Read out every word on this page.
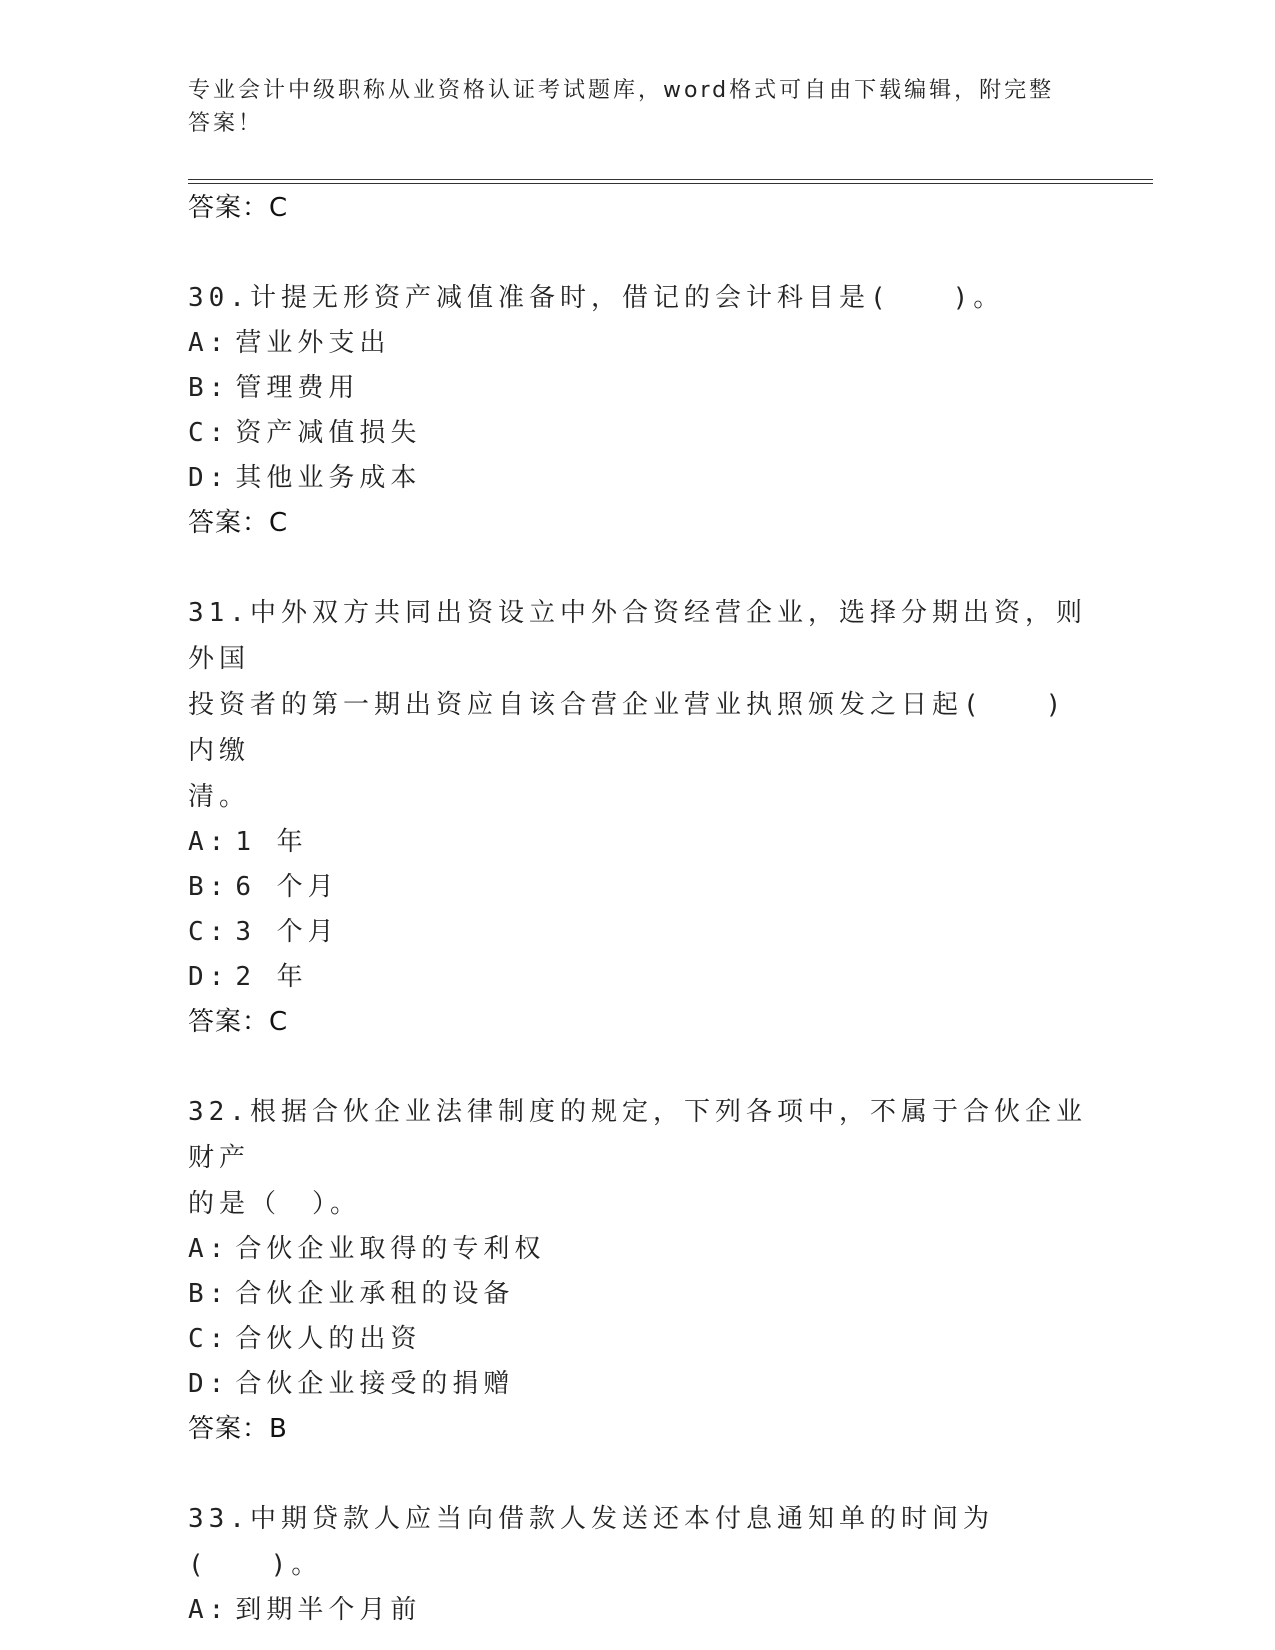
专业会计中级职称从业资格认证考试题库，word格式可自由下载编辑，附完整答案！

答案：C

30.计提无形资产减值准备时，借记的会计科目是(　　)。

A: 营业外支出

B: 管理费用

C: 资产减值损失

D: 其他业务成本

答案：C

31.中外双方共同出资设立中外合资经营企业，选择分期出资，则外国

投资者的第一期出资应自该合营企业营业执照颁发之日起(　　)内缴

清。

A: 1 年

B: 6 个月

C: 3 个月

D: 2 年

答案：C

32.根据合伙企业法律制度的规定，下列各项中，不属于合伙企业财产

的是（　）。

A: 合伙企业取得的专利权

B: 合伙企业承租的设备

C: 合伙人的出资

D: 合伙企业接受的捐赠

答案：B

33.中期贷款人应当向借款人发送还本付息通知单的时间为(　　)。

A: 到期半个月前
